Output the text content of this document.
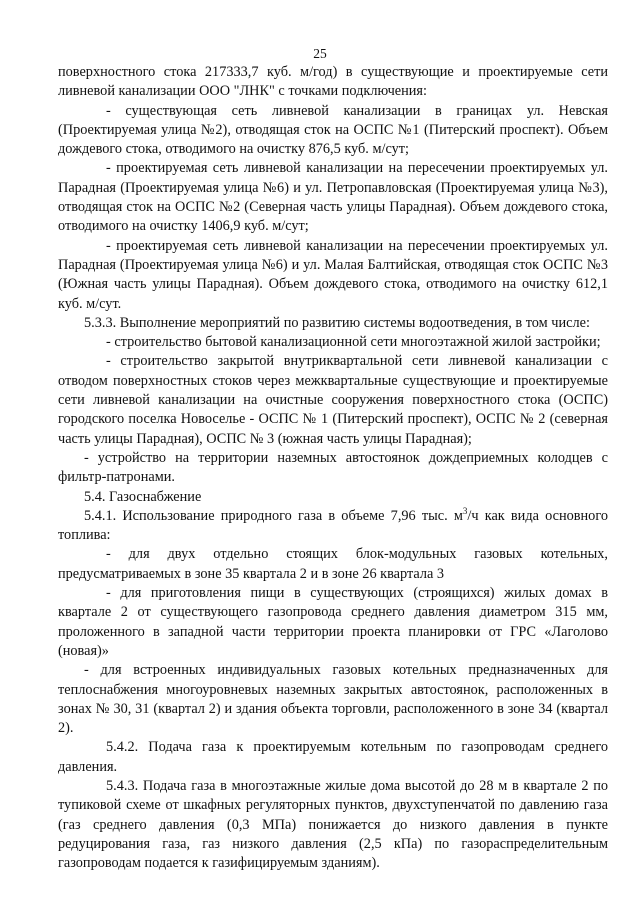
25

поверхностного стока 217333,7 куб. м/год) в существующие и проектируемые сети ливневой канализации ООО "ЛНК" с точками подключения:

- существующая сеть ливневой канализации в границах ул. Невская (Проектируемая улица №2), отводящая сток на ОСПС №1 (Питерский проспект). Объем дождевого стока, отводимого на очистку 876,5 куб. м/сут;

- проектируемая сеть ливневой канализации на пересечении проектируемых ул. Парадная (Проектируемая улица №6) и ул. Петропавловская (Проектируемая улица №3), отводящая сток на ОСПС №2 (Северная часть улицы Парадная). Объем дождевого стока, отводимого на очистку 1406,9 куб. м/сут;

- проектируемая сеть ливневой канализации на пересечении проектируемых ул. Парадная (Проектируемая улица №6) и ул. Малая Балтийская, отводящая сток ОСПС №3 (Южная часть улицы Парадная). Объем дождевого стока, отводимого на очистку 612,1 куб. м/сут.

5.3.3. Выполнение мероприятий по развитию системы водоотведения, в том числе:

- строительство бытовой канализационной сети многоэтажной жилой застройки;

- строительство закрытой внутриквартальной сети ливневой канализации с отводом поверхностных стоков через межквартальные существующие и проектируемые сети ливневой канализации на очистные сооружения поверхностного стока (ОСПС) городского поселка Новоселье - ОСПС № 1 (Питерский проспект), ОСПС № 2 (северная часть улицы Парадная), ОСПС № 3 (южная часть улицы Парадная);

- устройство на территории наземных автостоянок дождеприемных колодцев с фильтр-патронами.

5.4. Газоснабжение

5.4.1. Использование природного газа в объеме 7,96 тыс. $м^3/ч$ как вида основного топлива:

- для двух отдельно стоящих блок-модульных газовых котельных, предусматриваемых в зоне 35 квартала 2 и в зоне 26 квартала 3

- для приготовления пищи в существующих (строящихся) жилых домах в квартале 2 от существующего газопровода среднего давления диаметром 315 мм, проложенного в западной части территории проекта планировки от ГРС «Лаголово (новая)»

- для встроенных индивидуальных газовых котельных предназначенных для теплоснабжения многоуровневых наземных закрытых автостоянок, расположенных в зонах № 30, 31 (квартал 2) и здания объекта торговли, расположенного в зоне 34 (квартал 2).

5.4.2. Подача газа к проектируемым котельным по газопроводам среднего давления.

5.4.3. Подача газа в многоэтажные жилые дома высотой до 28 м в квартале 2 по тупиковой схеме от шкафных регуляторных пунктов, двухступенчатой по давлению газа (газ среднего давления (0,3 МПа) понижается до низкого давления в пункте редуцирования газа, газ низкого давления (2,5 кПа) по газораспределительным газопроводам подается к газифицируемым зданиям).
